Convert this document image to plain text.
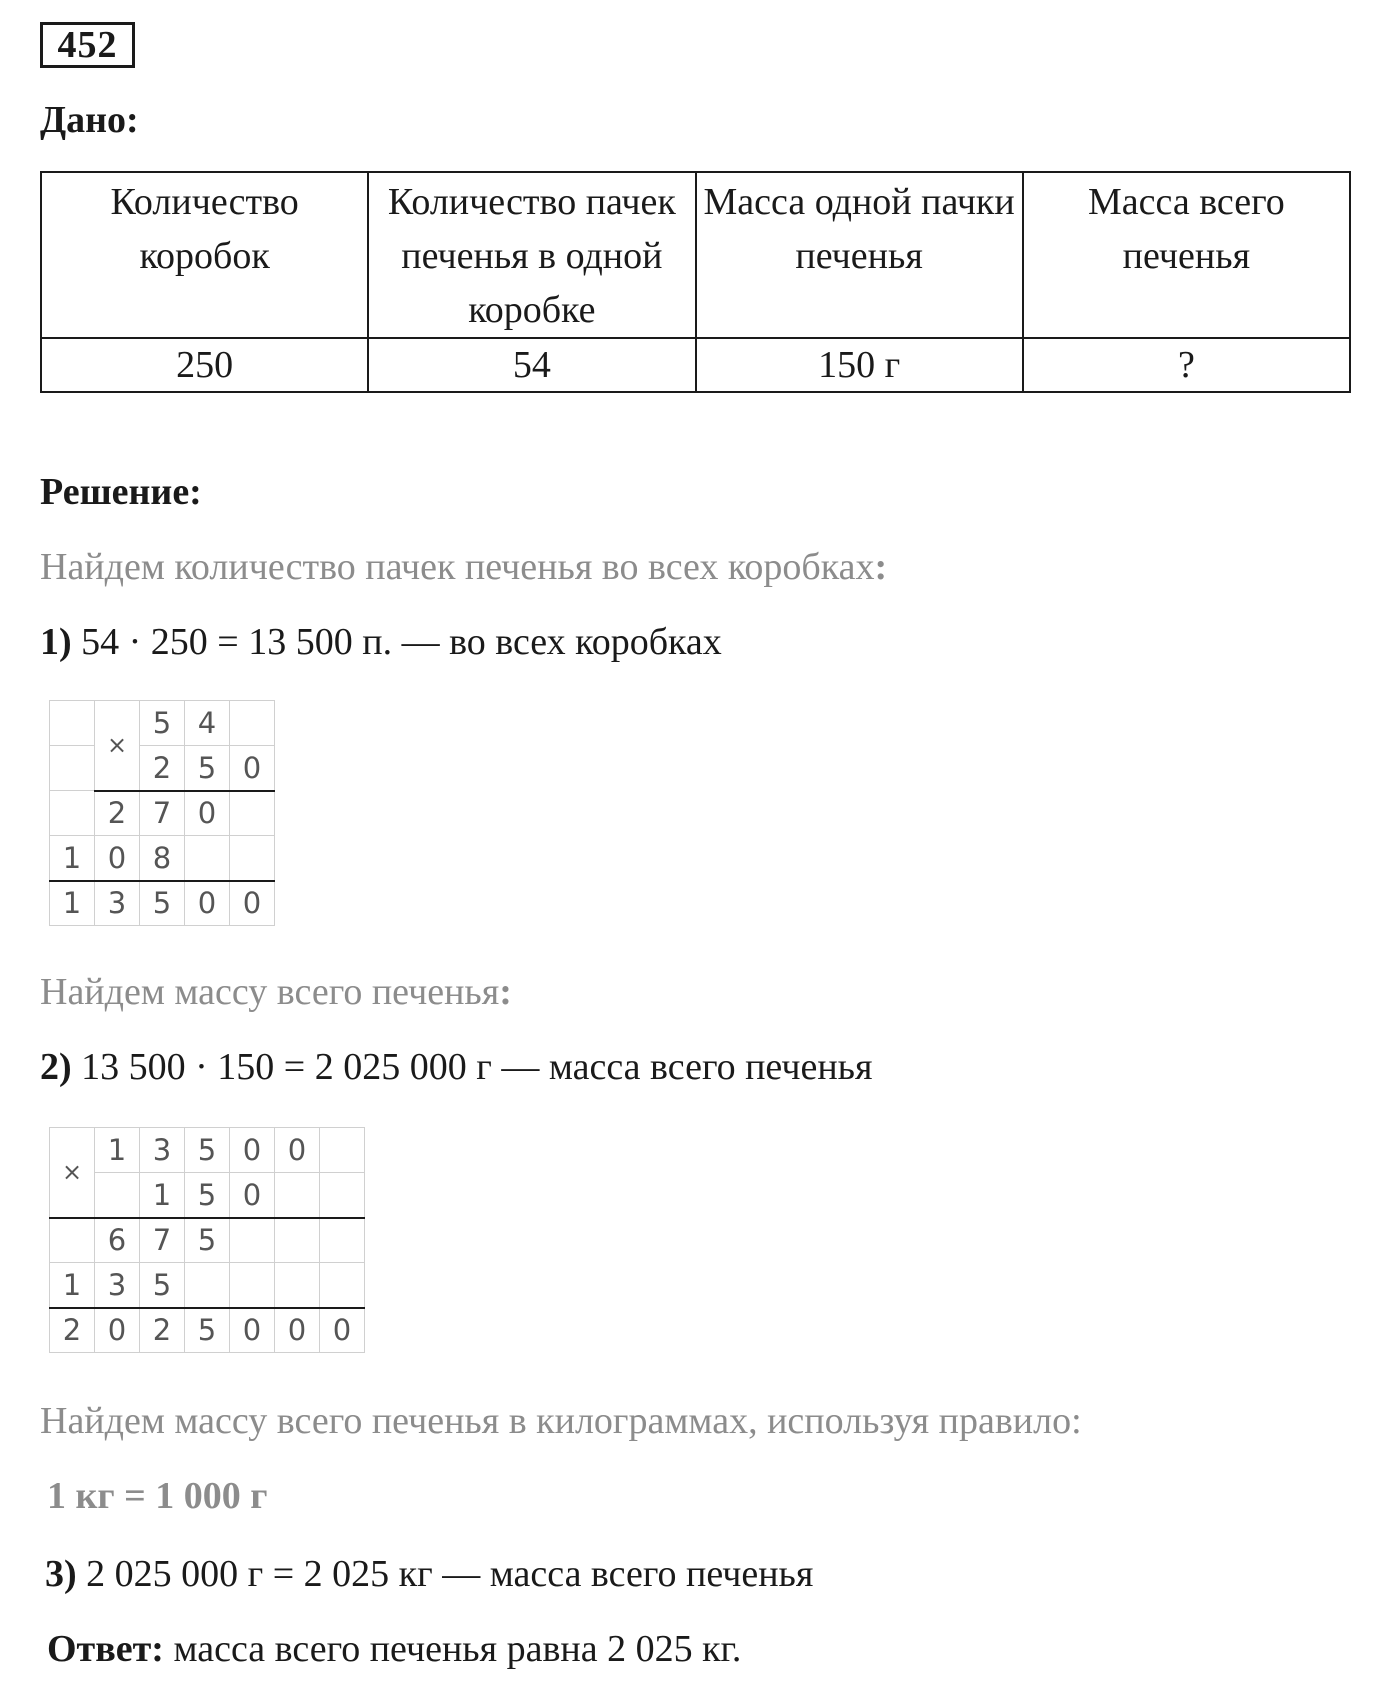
452
Дано:
Количество коробок	Количество пачек печенья в одной коробке	Масса одной пачки печенья	Масса всего печенья
250	54	150 г	?
Решение:
Найдем количество пачек печенья во всех коробках:
1) 54 · 250 = 13 500 п. — во всех коробках
	×	5	4	
		2	5	0
	2	7	0	
1	0	8		
1	3	5	0	0
Найдем массу всего печенья:
2) 13 500 · 150 = 2 025 000 г — масса всего печенья
×	1	3	5	0	0	
		1	5	0		
	6	7	5			
1	3	5				
2	0	2	5	0	0	0
Найдем массу всего печенья в килограммах, используя правило:
1 кг = 1 000 г
3) 2 025 000 г = 2 025 кг — масса всего печенья
Ответ: масса всего печенья равна 2 025 кг.
